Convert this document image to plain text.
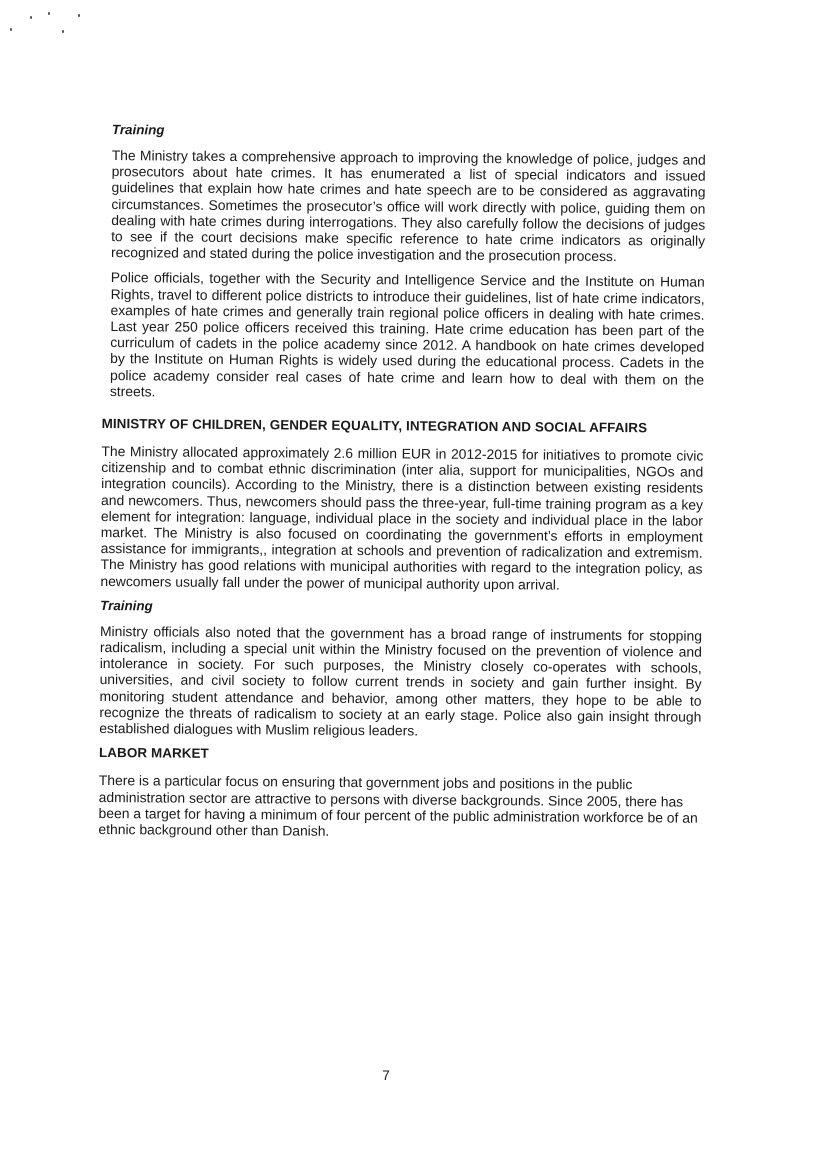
Training

The Ministry takes a comprehensive approach to improving the knowledge of police, judges and prosecutors about hate crimes. It has enumerated a list of special indicators and issued guidelines that explain how hate crimes and hate speech are to be considered as aggravating circumstances. Sometimes the prosecutor’s office will work directly with police, guiding them on dealing with hate crimes during interrogations. They also carefully follow the decisions of judges to see if the court decisions make specific reference to hate crime indicators as originally recognized and stated during the police investigation and the prosecution process.

Police officials, together with the Security and Intelligence Service and the Institute on Human Rights, travel to different police districts to introduce their guidelines, list of hate crime indicators, examples of hate crimes and generally train regional police officers in dealing with hate crimes. Last year 250 police officers received this training. Hate crime education has been part of the curriculum of cadets in the police academy since 2012. A handbook on hate crimes developed by the Institute on Human Rights is widely used during the educational process. Cadets in the police academy consider real cases of hate crime and learn how to deal with them on the streets.

MINISTRY OF CHILDREN, GENDER EQUALITY, INTEGRATION AND SOCIAL AFFAIRS

The Ministry allocated approximately 2.6 million EUR in 2012-2015 for initiatives to promote civic citizenship and to combat ethnic discrimination (inter alia, support for municipalities, NGOs and integration councils). According to the Ministry, there is a distinction between existing residents and newcomers. Thus, newcomers should pass the three-year, full-time training program as a key element for integration: language, individual place in the society and individual place in the labor market. The Ministry is also focused on coordinating the government’s efforts in employment assistance for immigrants,, integration at schools and prevention of radicalization and extremism. The Ministry has good relations with municipal authorities with regard to the integration policy, as newcomers usually fall under the power of municipal authority upon arrival.

Training

Ministry officials also noted that the government has a broad range of instruments for stopping radicalism, including a special unit within the Ministry focused on the prevention of violence and intolerance in society. For such purposes, the Ministry closely co-operates with schools, universities, and civil society to follow current trends in society and gain further insight. By monitoring student attendance and behavior, among other matters, they hope to be able to recognize the threats of radicalism to society at an early stage. Police also gain insight through established dialogues with Muslim religious leaders.

LABOR MARKET

There is a particular focus on ensuring that government jobs and positions in the public administration sector are attractive to persons with diverse backgrounds. Since 2005, there has been a target for having a minimum of four percent of the public administration workforce be of an ethnic background other than Danish.

7
